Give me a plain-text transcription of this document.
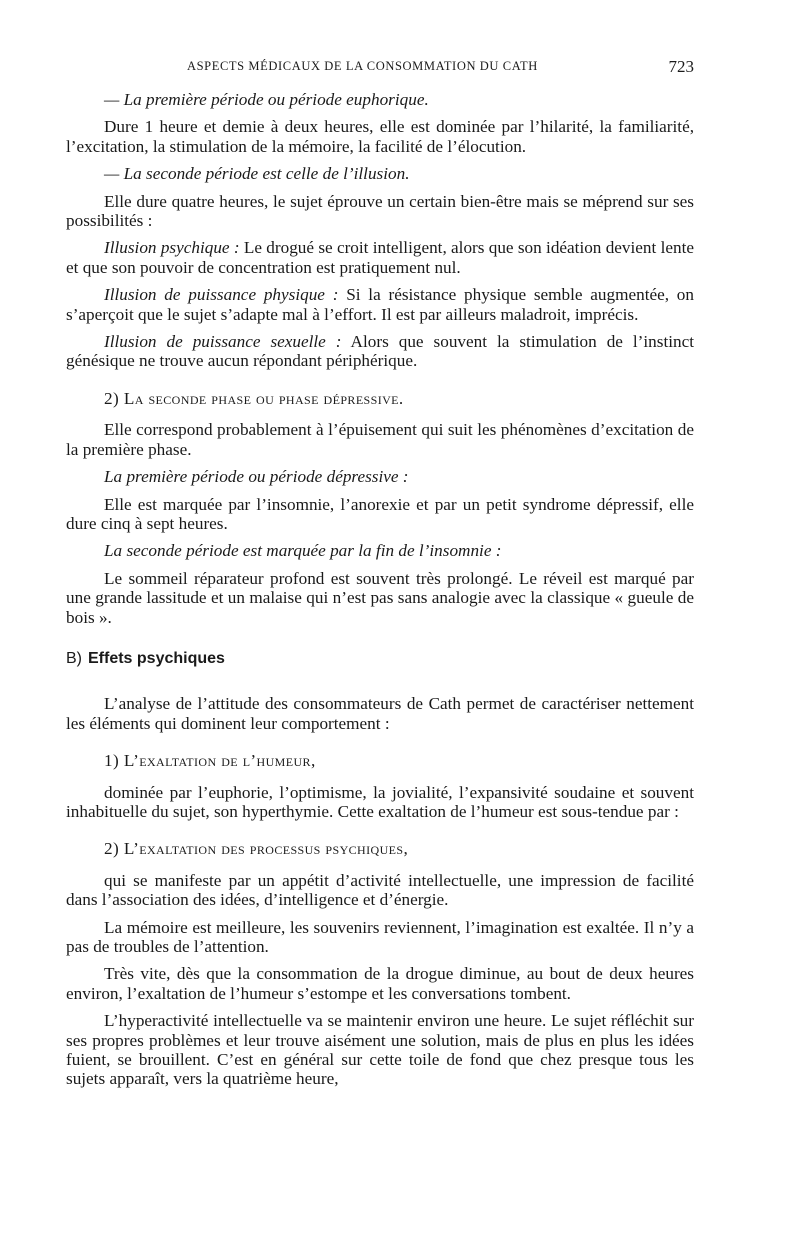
ASPECTS MÉDICAUX DE LA CONSOMMATION DU CATH	723

— La première période ou période euphorique.

Dure 1 heure et demie à deux heures, elle est dominée par l’hilarité, la familiarité, l’excitation, la stimulation de la mémoire, la facilité de l’élocution.

— La seconde période est celle de l’illusion.

Elle dure quatre heures, le sujet éprouve un certain bien-être mais se méprend sur ses possibilités :

Illusion psychique : Le drogué se croit intelligent, alors que son idéation devient lente et que son pouvoir de concentration est pratiquement nul.

Illusion de puissance physique : Si la résistance physique semble augmentée, on s’aperçoit que le sujet s’adapte mal à l’effort. Il est par ailleurs maladroit, imprécis.

Illusion de puissance sexuelle : Alors que souvent la stimulation de l’instinct génésique ne trouve aucun répondant périphérique.

2) La seconde phase ou phase dépressive.

Elle correspond probablement à l’épuisement qui suit les phénomènes d’excitation de la première phase.

La première période ou période dépressive :

Elle est marquée par l’insomnie, l’anorexie et par un petit syndrome dépressif, elle dure cinq à sept heures.

La seconde période est marquée par la fin de l’insomnie :

Le sommeil réparateur profond est souvent très prolongé. Le réveil est marqué par une grande lassitude et un malaise qui n’est pas sans analogie avec la classique « gueule de bois ».

B) Effets psychiques

L’analyse de l’attitude des consommateurs de Cath permet de caractériser nettement les éléments qui dominent leur comportement :

1) L’exaltation de l’humeur,

dominée par l’euphorie, l’optimisme, la jovialité, l’expansivité soudaine et souvent inhabituelle du sujet, son hyperthymie. Cette exaltation de l’humeur est sous-tendue par :

2) L’exaltation des processus psychiques,

qui se manifeste par un appétit d’activité intellectuelle, une impression de facilité dans l’association des idées, d’intelligence et d’énergie.

La mémoire est meilleure, les souvenirs reviennent, l’imagination est exaltée. Il n’y a pas de troubles de l’attention.

Très vite, dès que la consommation de la drogue diminue, au bout de deux heures environ, l’exaltation de l’humeur s’estompe et les conversations tombent.

L’hyperactivité intellectuelle va se maintenir environ une heure. Le sujet réfléchit sur ses propres problèmes et leur trouve aisément une solution, mais de plus en plus les idées fuient, se brouillent. C’est en général sur cette toile de fond que chez presque tous les sujets apparaît, vers la quatrième heure,
